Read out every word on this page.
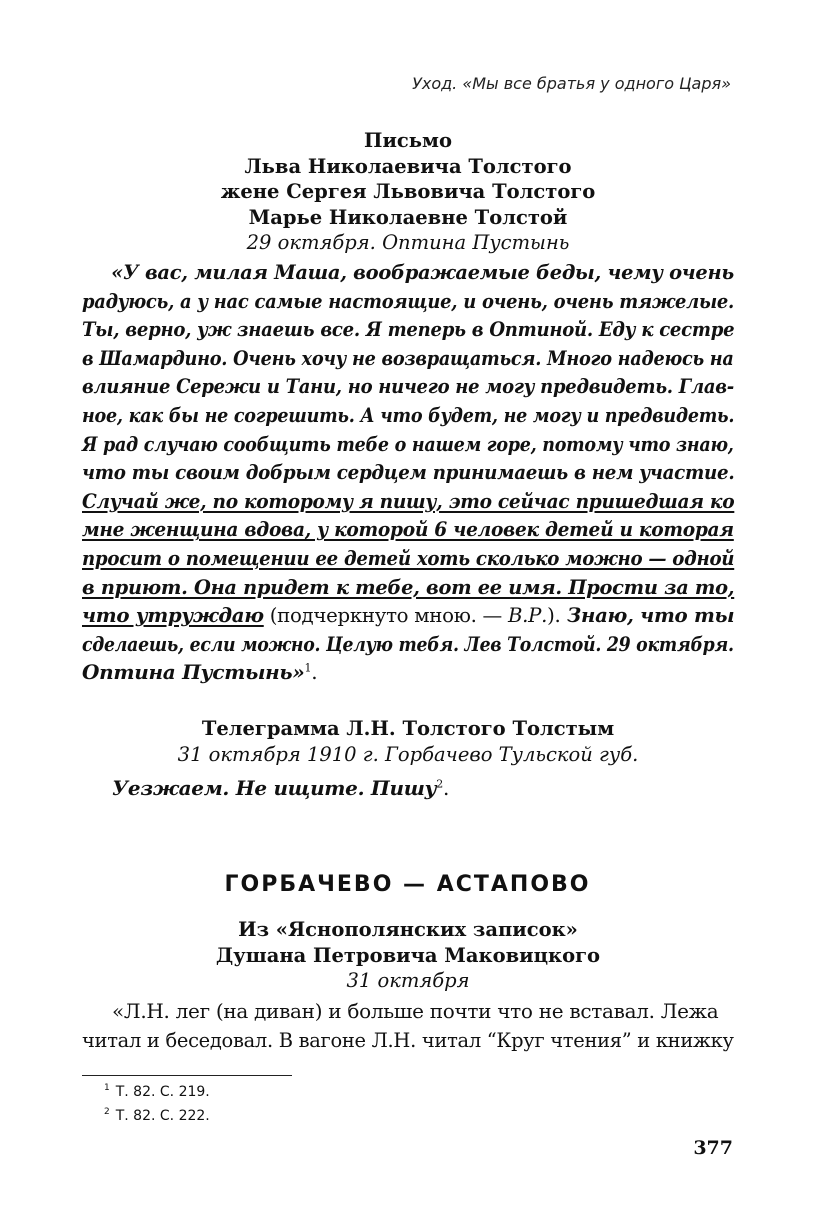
Уход. «Мы все братья у одного Царя»
Письмо
Льва Николаевича Толстого
жене Сергея Львовича Толстого
Марье Николаевне Толстой
29 октября. Оптина Пустынь
«У вас, милая Маша, воображаемые беды, чему очень
радуюсь, а у нас самые настоящие, и очень, очень тяжелые.
Ты, верно, уж знаешь все. Я теперь в Оптиной. Еду к сестре
в Шамардино. Очень хочу не возвращаться. Много надеюсь на
влияние Сережи и Тани, но ничего не могу предвидеть. Глав-
ное, как бы не согрешить. А что будет, не могу и предвидеть.
Я рад случаю сообщить тебе о нашем горе, потому что знаю,
что ты своим добрым сердцем принимаешь в нем участие.
Случай же, по которому я пишу, это сейчас пришедшая ко
мне женщина вдова, у которой 6 человек детей и которая
просит о помещении ее детей хоть сколько можно — одной
в приют. Она придет к тебе, вот ее имя. Прости за то,
что утруждаю (подчеркнуто мною. — В.Р.). Знаю, что ты
сделаешь, если можно. Целую тебя. Лев Толстой. 29 октября.
Оптина Пустынь»$^1$.
Телеграмма Л.Н. Толстого Толстым
31 октября 1910 г. Горбачево Тульской губ.
Уезжаем. Не ищите. Пишу$^2$.
ГОРБАЧЕВО — АСТАПОВО
Из «Яснополянских записок»
Душана Петровича Маковицкого
31 октября
«Л.Н. лег (на диван) и больше почти что не вставал. Лежа
читал и беседовал. В вагоне Л.Н. читал “Круг чтения” и книжку
$^1$ Т. 82. С. 219.
$^2$ Т. 82. С. 222.
377
